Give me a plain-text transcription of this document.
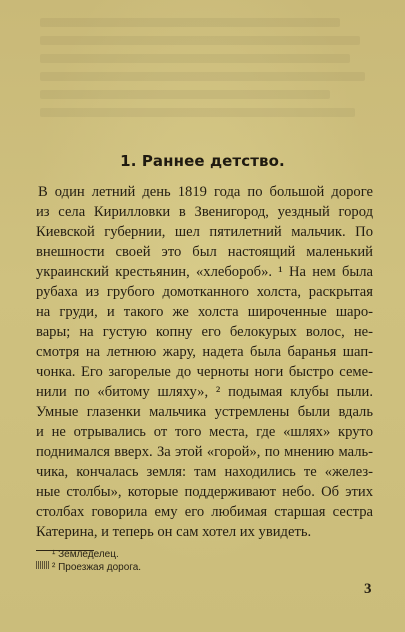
1. Раннее детство.
В один летний день 1819 года по большой дороге
из села Кирилловки в Звенигород, уездный город
Киевской губернии, шел пятилетний мальчик. По
внешности своей это был настоящий маленький
украинский крестьянин, «хлебороб». ¹ На нем была
рубаха из грубого домотканного холста, раскрытая
на груди, и такого же холста широченные шаро-
вары; на густую копну его белокурых волос, не-
смотря на летнюю жару, надета была баранья шап-
чонка. Его загорелые до черноты ноги быстро семе-
нили по «битому шляху», ² подымая клубы пыли.
Умные глазенки мальчика устремлены были вдаль
и не отрывались от того места, где «шлях» круто
поднимался вверх. За этой «горой», по мнению маль-
чика, кончалась земля: там находились те «желез-
ные столбы», которые поддерживают небо. Об этих
столбах говорила ему его любимая старшая сестра
Катерина, и теперь он сам хотел их увидеть.
¹ Земледелец.
² Проезжая дорога.
3
